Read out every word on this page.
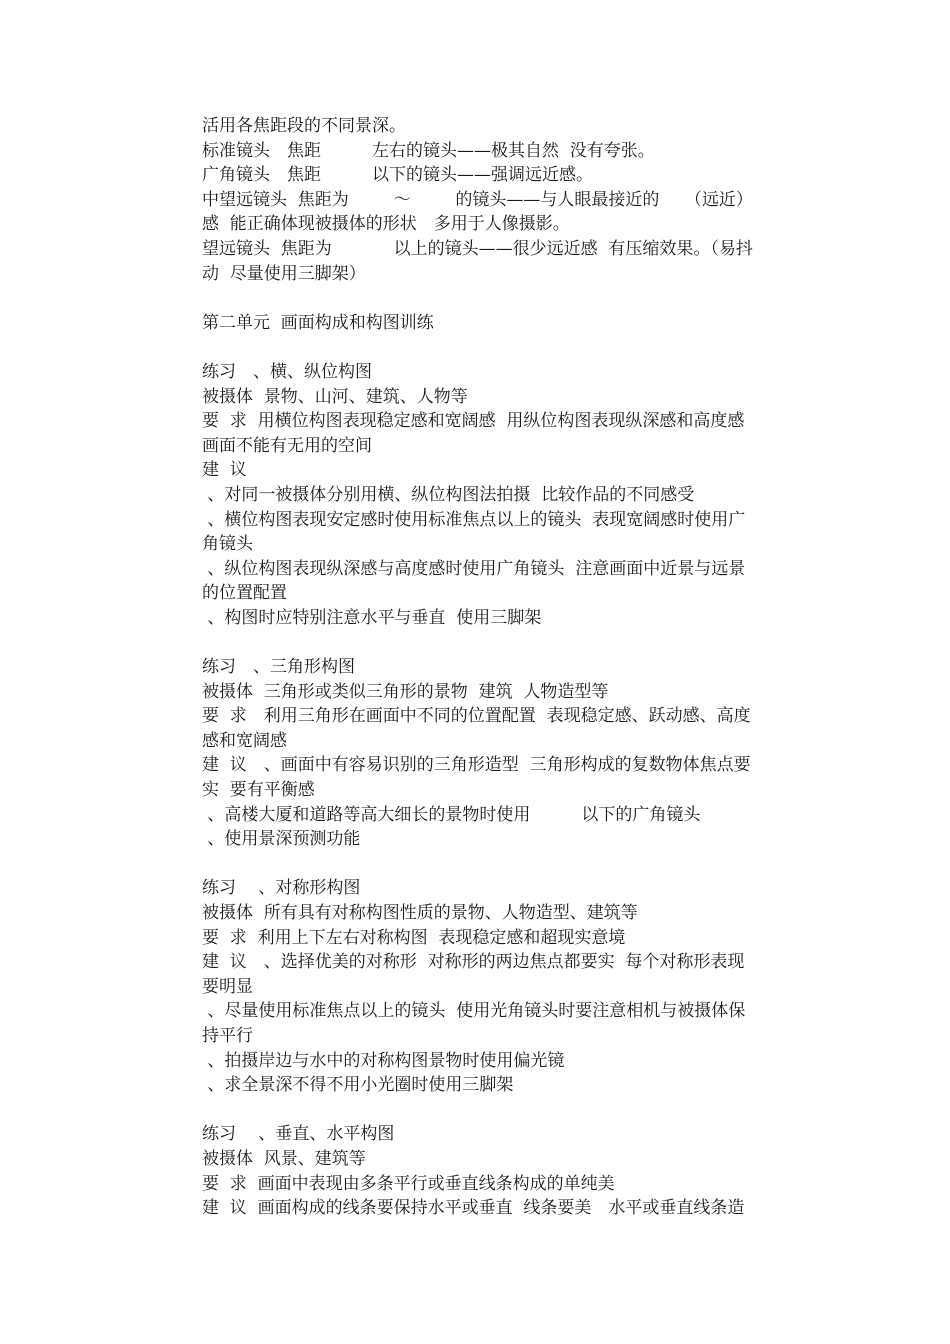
活用各焦距段的不同景深。
标准镜头　焦距　　　左右的镜头——极其自然  没有夸张。
广角镜头　焦距　　　以下的镜头——强调远近感。
中望远镜头  焦距为　　  ～　　  的镜头——与人眼最接近的　　（远近）
感  能正确体现被摄体的形状　多用于人像摄影。
望远镜头  焦距为　　　  以上的镜头——很少远近感  有压缩效果。（易抖
动  尽量使用三脚架）
第二单元  画面构成和构图训练
练习　、横、纵位构图
被摄体  景物、山河、建筑、人物等
要  求  用横位构图表现稳定感和宽阔感  用纵位构图表现纵深感和高度感
画面不能有无用的空间
建  议
、对同一被摄体分别用横、纵位构图法拍摄  比较作品的不同感受
、横位构图表现安定感时使用标准焦点以上的镜头  表现宽阔感时使用广
角镜头
、纵位构图表现纵深感与高度感时使用广角镜头  注意画面中近景与远景
的位置配置
、构图时应特别注意水平与垂直  使用三脚架
练习　、三角形构图
被摄体  三角形或类似三角形的景物  建筑  人物造型等
要  求　利用三角形在画面中不同的位置配置  表现稳定感、跃动感、高度
感和宽阔感
建  议　、画面中有容易识别的三角形造型  三角形构成的复数物体焦点要
实  要有平衡感
、高楼大厦和道路等高大细长的景物时使用　　　以下的广角镜头
、使用景深预测功能
练习　 、对称形构图
被摄体  所有具有对称构图性质的景物、人物造型、建筑等
要  求  利用上下左右对称构图  表现稳定感和超现实意境
建  议　、选择优美的对称形  对称形的两边焦点都要实  每个对称形表现
要明显
、尽量使用标准焦点以上的镜头  使用光角镜头时要注意相机与被摄体保
持平行
、拍摄岸边与水中的对称构图景物时使用偏光镜
、求全景深不得不用小光圈时使用三脚架
练习　 、垂直、水平构图
被摄体  风景、建筑等
要  求  画面中表现由多条平行或垂直线条构成的单纯美
建  议  画面构成的线条要保持水平或垂直  线条要美　水平或垂直线条造
